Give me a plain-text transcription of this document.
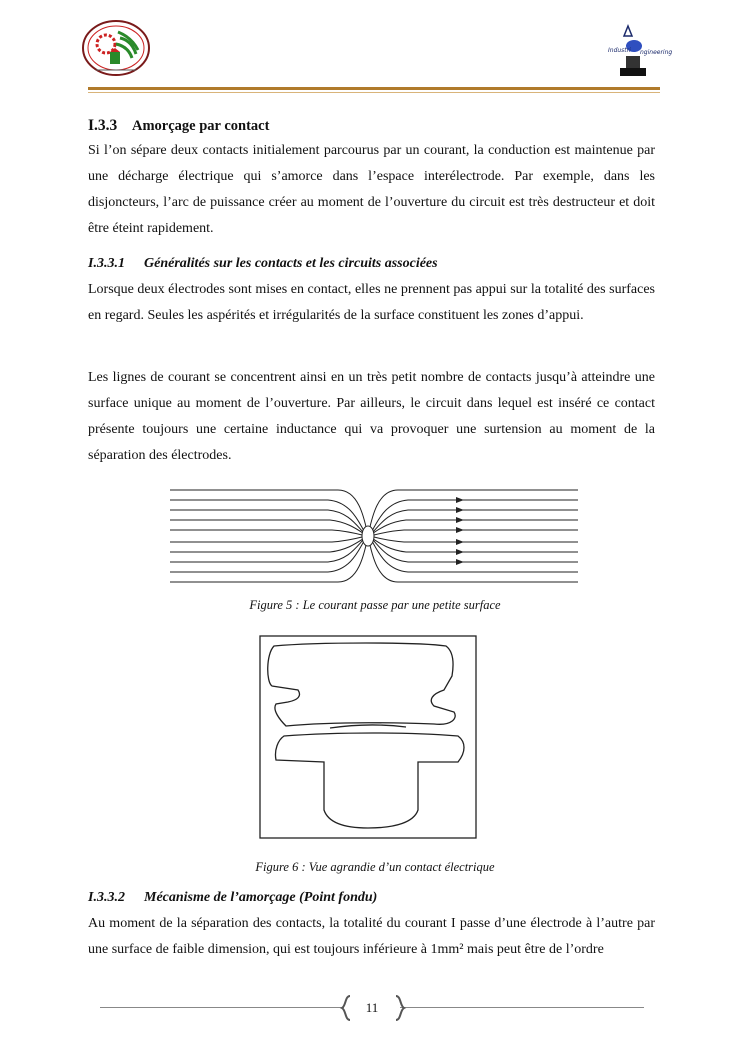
Industri ngineering
I.3.3 Amorçage par contact
Si l’on sépare deux contacts initialement parcourus par un courant, la conduction est maintenue par une décharge électrique qui s’amorce dans l’espace interélectrode. Par exemple, dans les disjoncteurs, l’arc de puissance créer au moment de l’ouverture du circuit est très destructeur et doit être éteint rapidement.
I.3.3.1 Généralités sur les contacts et les circuits associées
Lorsque deux électrodes sont mises en contact, elles ne prennent pas appui sur la totalité des surfaces en regard. Seules les aspérités et irrégularités de la surface constituent les zones d’appui.
Les lignes de courant se concentrent ainsi en un très petit nombre de contacts jusqu’à atteindre une surface unique au moment de l’ouverture. Par ailleurs, le circuit dans lequel est inséré ce contact présente toujours une certaine inductance qui va provoquer une surtension au moment de la séparation des électrodes.
Figure 5 : Le courant passe par une petite surface
Figure 6 : Vue agrandie d’un contact électrique
I.3.3.2 Mécanisme de l’amorçage (Point fondu)
Au moment de la séparation des contacts, la totalité du courant I passe d’une électrode à l’autre par une surface de faible dimension, qui est toujours inférieure à 1mm² mais peut être de l’ordre
11
